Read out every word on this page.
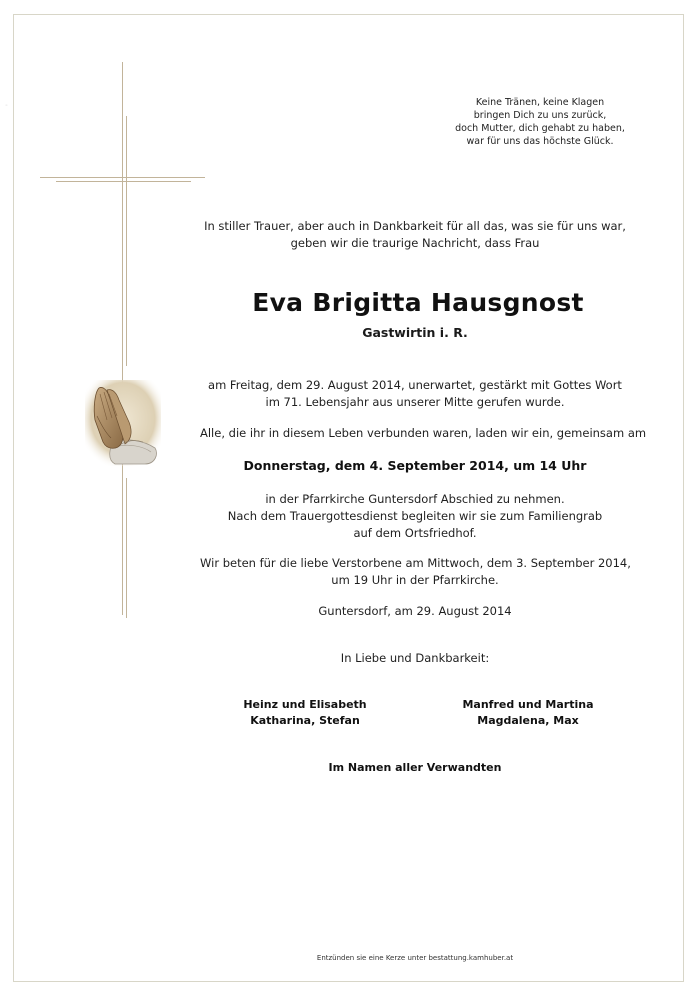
◦	Keine Tränen, keine Klagen
bringen Dich zu uns zurück,
doch Mutter, dich gehabt zu haben,
war für uns das höchste Glück.
In stiller Trauer, aber auch in Dankbarkeit für all das, was sie für uns war,
geben wir die traurige Nachricht, dass Frau
Eva Brigitta Hausgnost
Gastwirtin i. R.
am Freitag, dem 29. August 2014, unerwartet, gestärkt mit Gottes Wort
im 71. Lebensjahr aus unserer Mitte gerufen wurde.
Alle, die ihr in diesem Leben verbunden waren, laden wir ein, gemeinsam am
Donnerstag, dem 4. September 2014, um 14 Uhr
in der Pfarrkirche Guntersdorf Abschied zu nehmen.
Nach dem Trauergottesdienst begleiten wir sie zum Familiengrab
auf dem Ortsfriedhof.
Wir beten für die liebe Verstorbene am Mittwoch, dem 3. September 2014,
um 19 Uhr in der Pfarrkirche.
Guntersdorf, am 29. August 2014
In Liebe und Dankbarkeit:
Heinz und Elisabeth
Katharina, Stefan
Manfred und Martina
Magdalena, Max
Im Namen aller Verwandten
Entzünden sie eine Kerze unter bestattung.kamhuber.at
